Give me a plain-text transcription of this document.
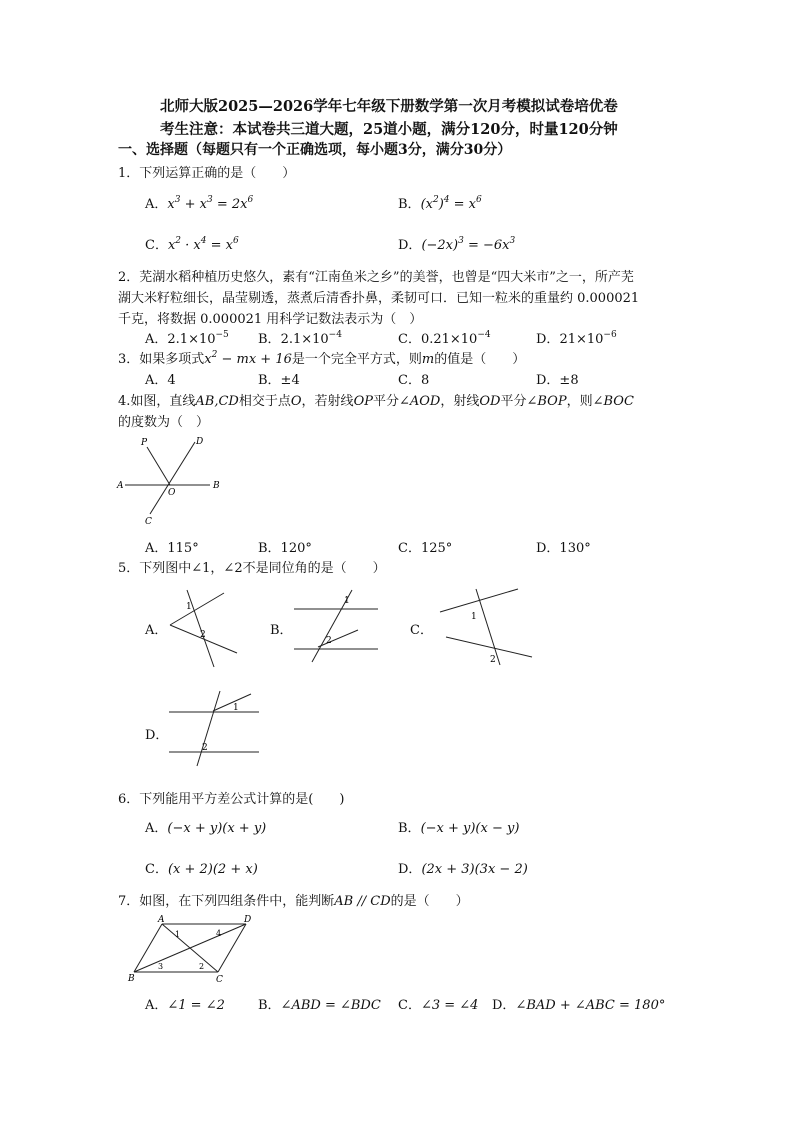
北师大版2025—2026学年七年级下册数学第一次月考模拟试卷培优卷
考生注意：本试卷共三道大题，25道小题，满分120分，时量120分钟
一、选择题（每题只有一个正确选项，每小题3分，满分30分）
1．下列运算正确的是（　　）
A．$x^3 + x^3 = 2x^6$	B．$(x^2)^4 = x^6$
C．$x^2 \cdot x^4 = x^6$	D．$(-2x)^3 = -6x^3$
2．芜湖水稻种植历史悠久，素有“江南鱼米之乡”的美誉，也曾是“四大米市”之一，所产芜
湖大米籽粒细长，晶莹剔透，蒸煮后清香扑鼻，柔韧可口．已知一粒米的重量约 0.000021
千克，将数据 0.000021 用科学记数法表示为（　）
A．$2.1\times 10^{-5}$ B．$2.1\times 10^{-4}$	C．$0.21\times 10^{-4}$	D．$21\times 10^{-6}$
3．如果多项式$x^2$ − mx + 16是一个完全平方式，则m的值是（　　）
A．4	B．±4	C．8	D．±8
4.如图，直线AB,CD相交于点O，若射线OP平分∠AOD，射线OD平分∠BOP，则∠BOC
的度数为（　）
A	B
P	D
C
O
A．115°	B．120°	C．125°	D．130°
5．下列图中∠1，∠2不是同位角的是（　　）
A．
1
2	B．
1
2
C．
1
2
D．
1
2
6．下列能用平方差公式计算的是(　　)
A．(−x + y)(x + y)	B．(−x + y)(x − y)
C．(x + 2)(2 + x)	D．(2x + 3)(3x − 2)
7．如图，在下列四组条件中，能判断AB // CD的是（　　）
A	D
B	C
1	4
3	2
A．∠1 = ∠2	B．∠ABD = ∠BDC C．∠3 = ∠4 D．∠BAD + ∠ABC = 180°
